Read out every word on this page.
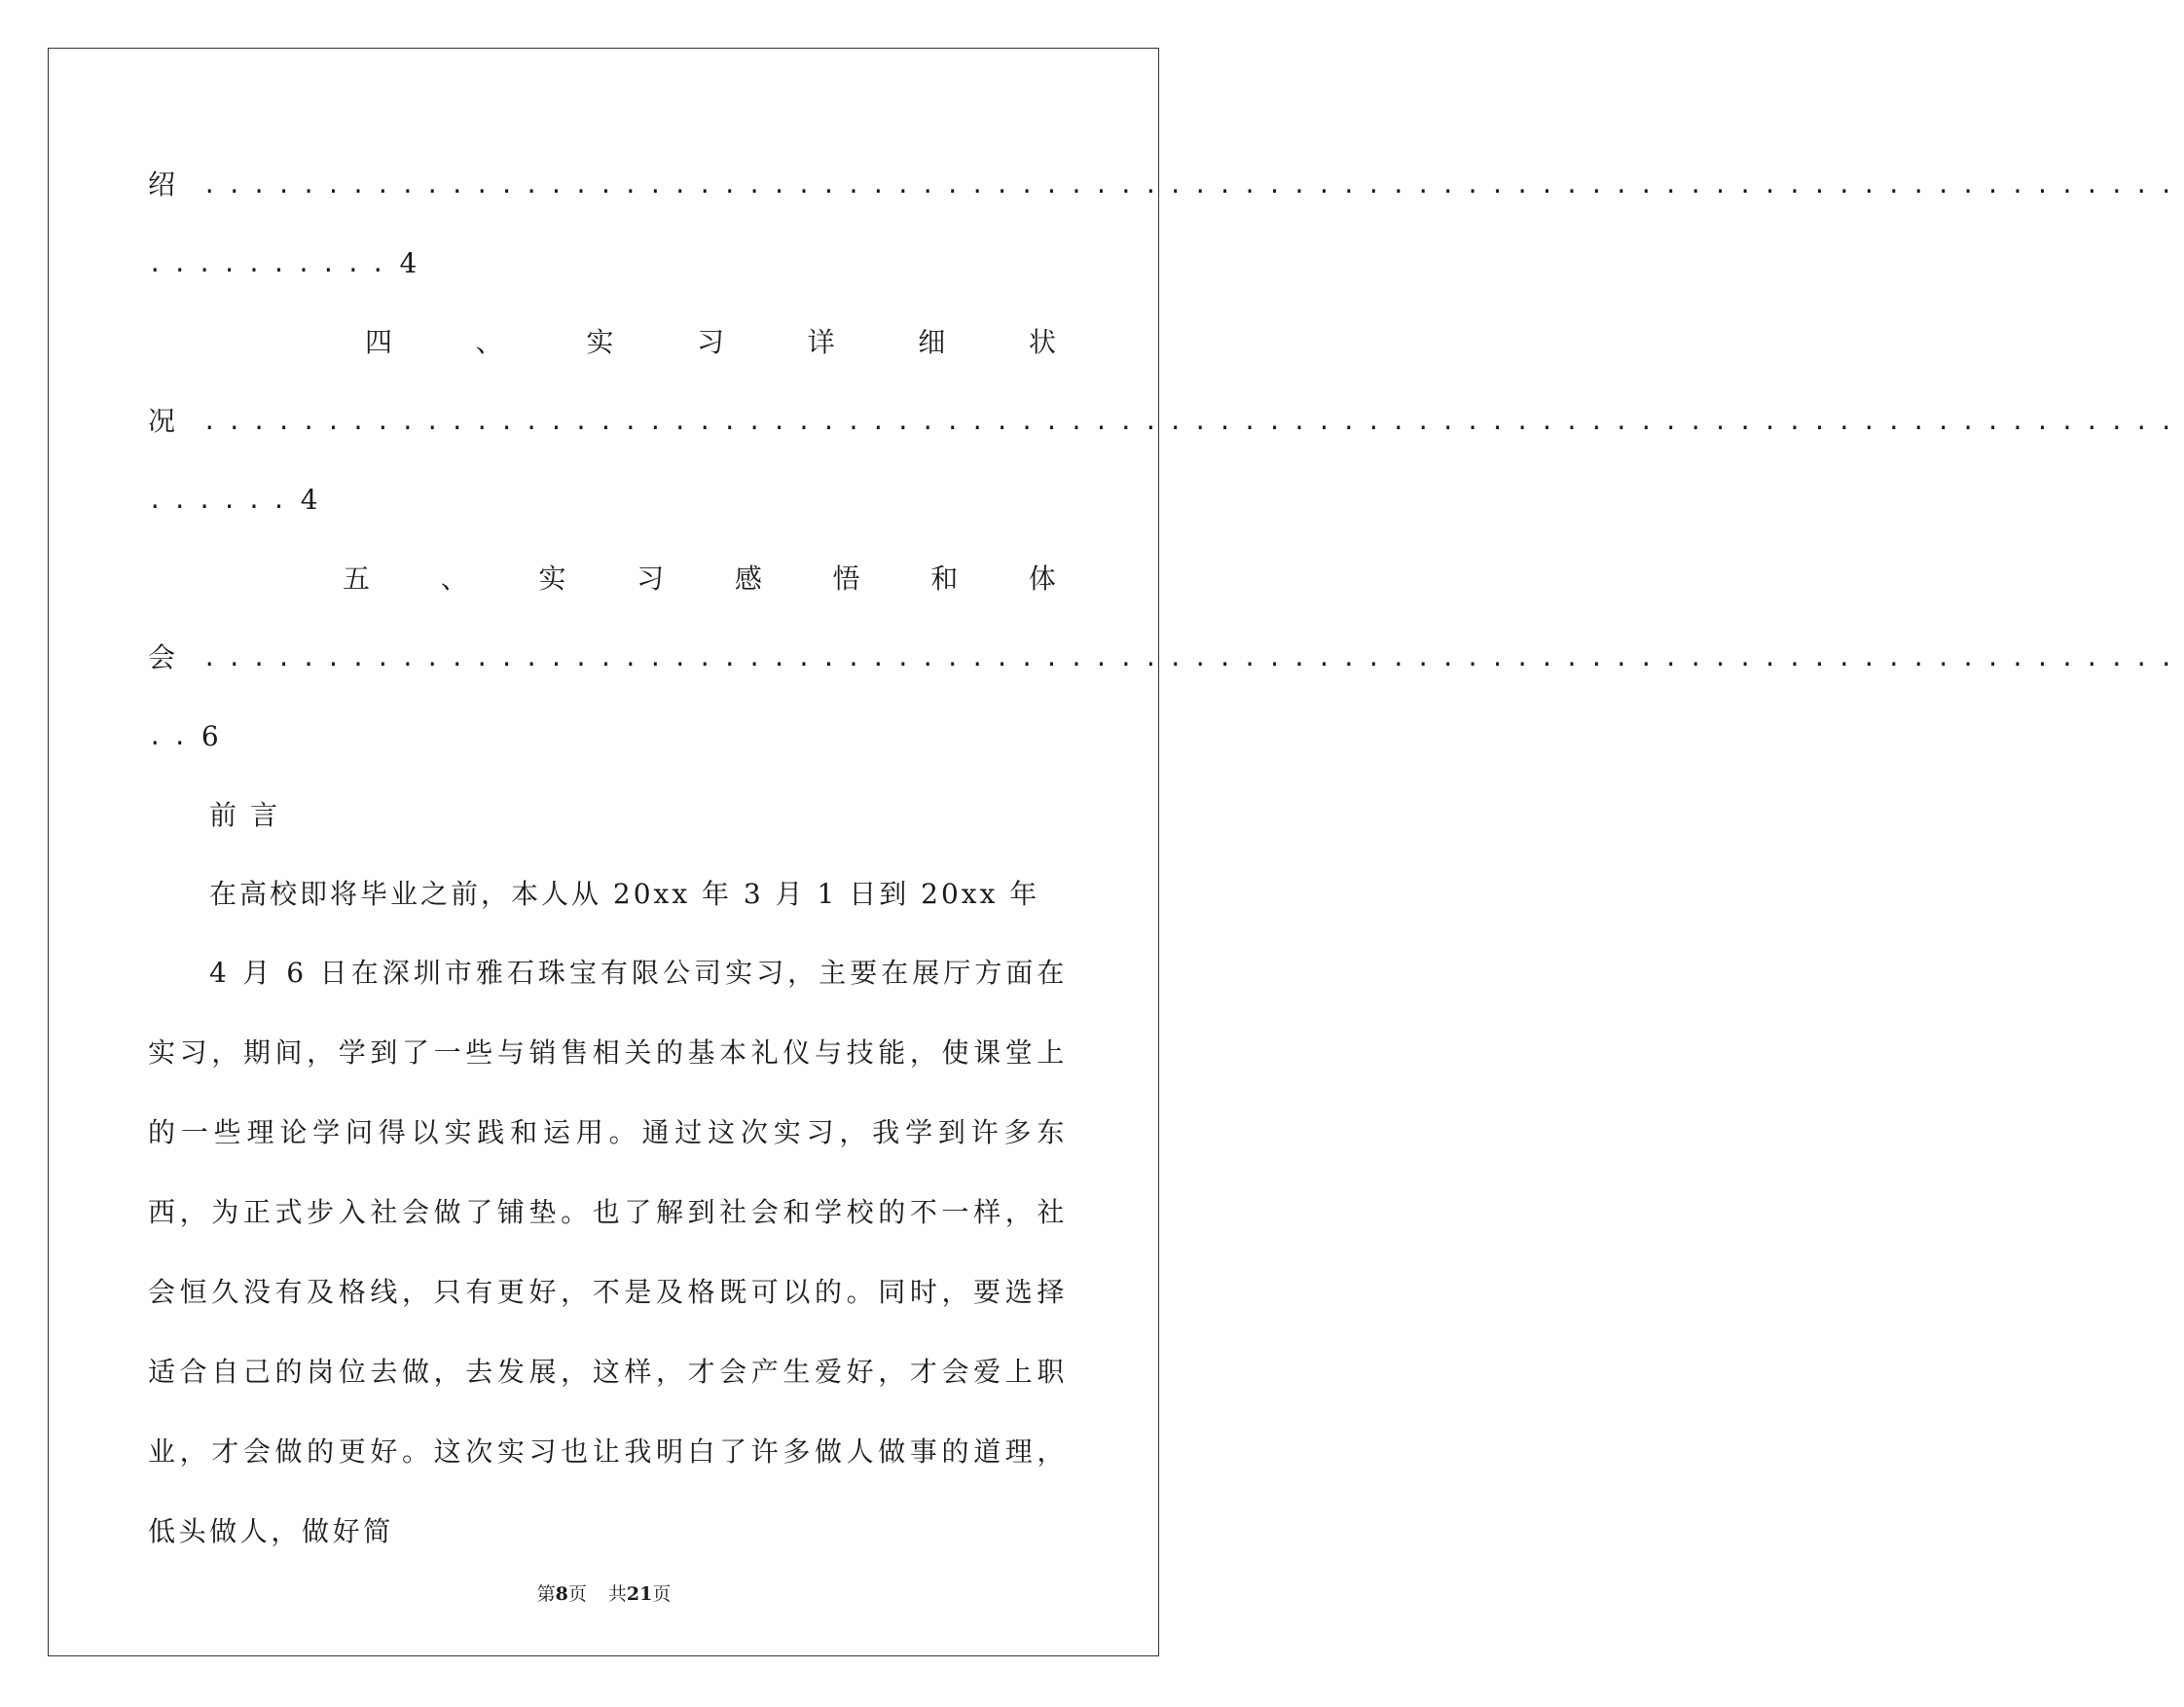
绍 ................................................................................
.......... 4
四	、	实	习	详	细	状
况 ................................................................................
...... 4
五	、	实	习	感	悟	和	体
会 ................................................................................
.. 6
前言
在高校即将毕业之前，本人从 20xx 年 3 月 1 日到 20xx 年
4 月 6 日在深圳市雅石珠宝有限公司实习，主要在展厅方面在实习，期间，学到了一些与销售相关的基本礼仪与技能，使课堂上的一些理论学问得以实践和运用。通过这次实习，我学到许多东西，为正式步入社会做了铺垫。也了解到社会和学校的不一样，社会恒久没有及格线，只有更好，不是及格既可以的。同时，要选择适合自己的岗位去做，去发展，这样，才会产生爱好，才会爱上职业，才会做的更好。这次实习也让我明白了许多做人做事的道理，低头做人，做好简
第8页 共21页
